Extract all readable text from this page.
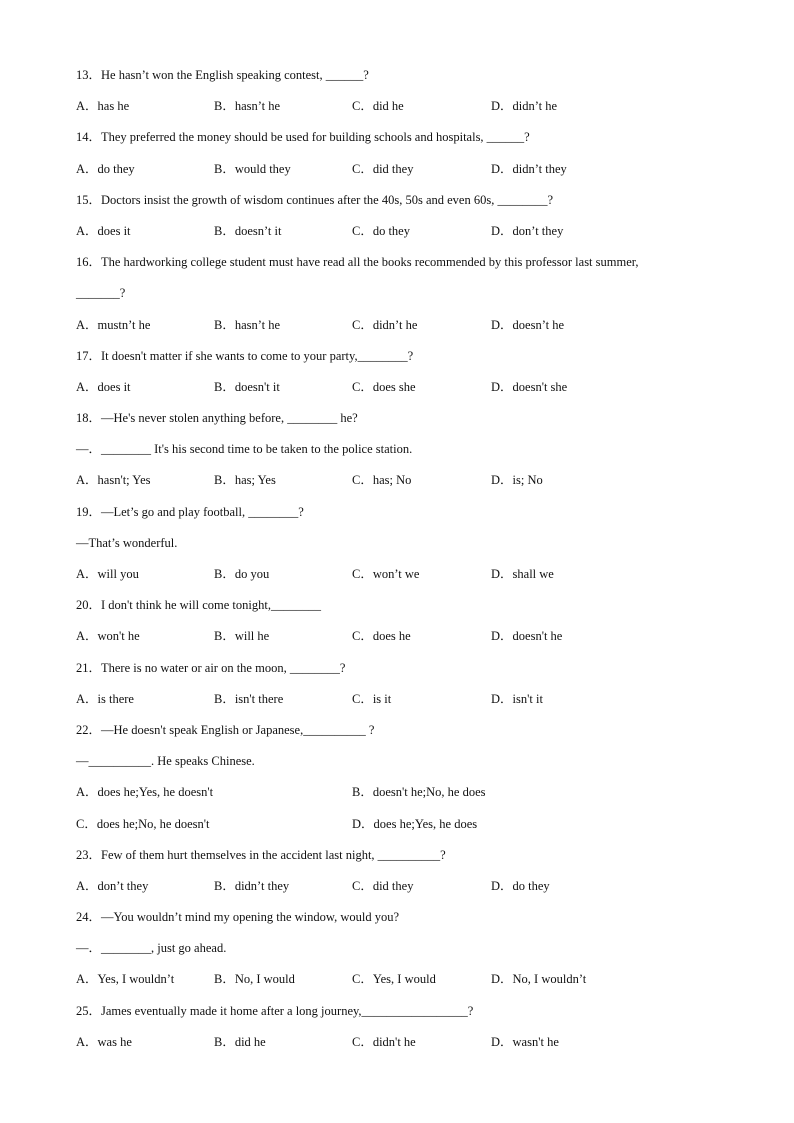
13．He hasn’t won the English speaking contest, ______?
A．has he	B．hasn’t he	C．did he	D．didn’t he
14．They preferred the money should be used for building schools and hospitals, ______?
A．do they	B．would they	C．did they	D．didn’t they
15．Doctors insist the growth of wisdom continues after the 40s, 50s and even 60s, ________?
A．does it	B．doesn’t it	C．do they	D．don’t they
16．The hardworking college student must have read all the books recommended by this professor last summer,
_______?
A．mustn’t he	B．hasn’t he	C．didn’t he	D．doesn’t he
17．It doesn't matter if she wants to come to your party,________?
A．does it	B．doesn't it	C．does she	D．doesn't she
18．—He's never stolen anything before, ________ he?
—．________ It's his second time to be taken to the police station.
A．hasn't; Yes	B．has; Yes	C．has; No	D．is; No
19．—Let’s go and play football, ________?
—That’s wonderful.
A．will you	B．do you	C．won’t we	D．shall we
20．I don't think he will come tonight,________
A．won't he	B．will he	C．does he	D．doesn't he
21．There is no water or air on the moon, ________?
A．is there	B．isn't there	C．is it	D．isn't it
22．—He doesn't speak English or Japanese,__________ ?
—__________. He speaks Chinese.
A．does he;Yes, he doesn't	B．doesn't he;No, he does
C．does he;No, he doesn't	D．does he;Yes, he does
23．Few of them hurt themselves in the accident last night, __________?
A．don’t they	B．didn’t they	C．did they	D．do they
24．—You wouldn’t mind my opening the window, would you?
—．________, just go ahead.
A．Yes, I wouldn’t	B．No, I would	C．Yes, I would	D．No, I wouldn’t
25．James eventually made it home after a long journey,_________________?
A．was he	B．did he	C．didn't he	D．wasn't he
